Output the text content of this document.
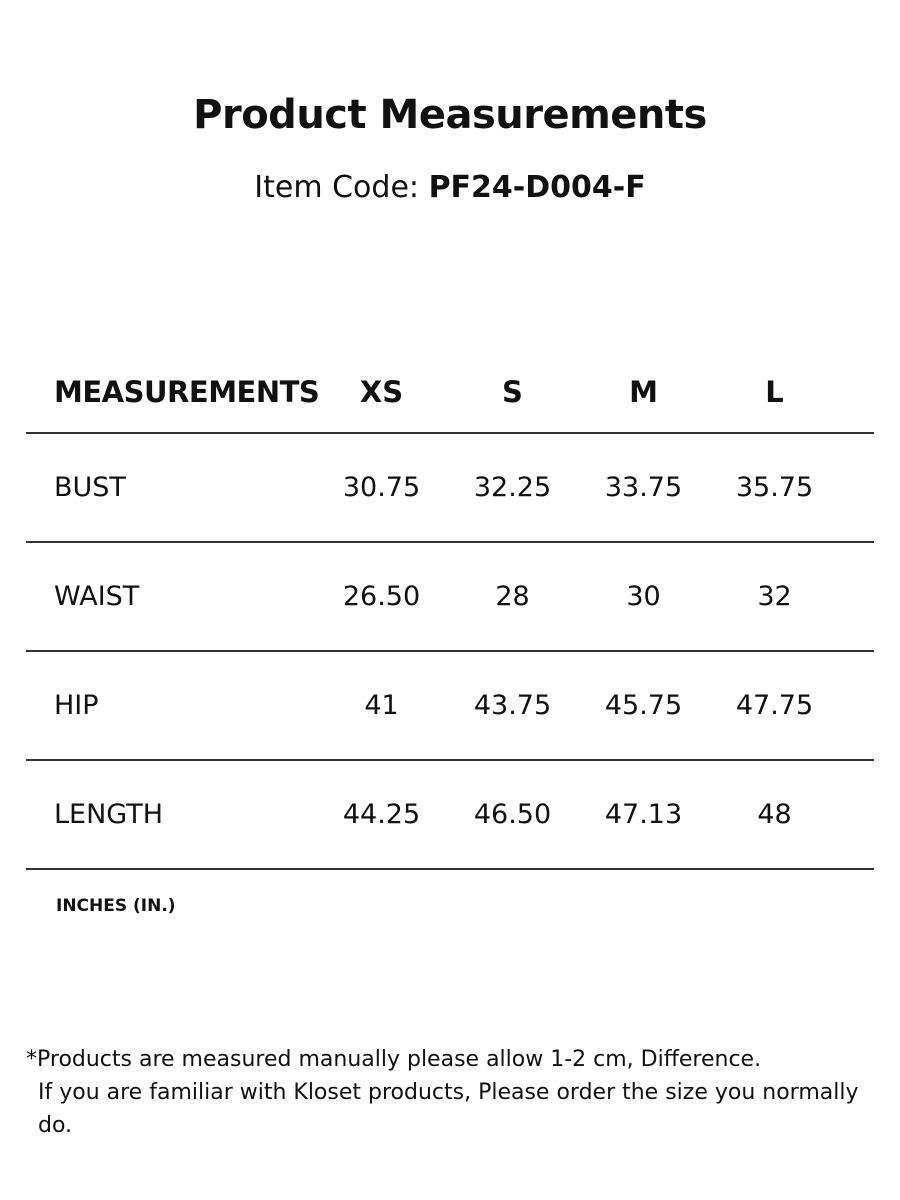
Product Measurements

Item Code: PF24-D004-F

MEASUREMENTS	XS	S	M	L
BUST	30.75	32.25	33.75	35.75
WAIST	26.50	28	30	32
HIP	41	43.75	45.75	47.75
LENGTH	44.25	46.50	47.13	48
INCHES (IN.)
*Products are measured manually please allow 1-2 cm, Difference.
If you are familiar with Kloset products, Please order the size you normally do.
